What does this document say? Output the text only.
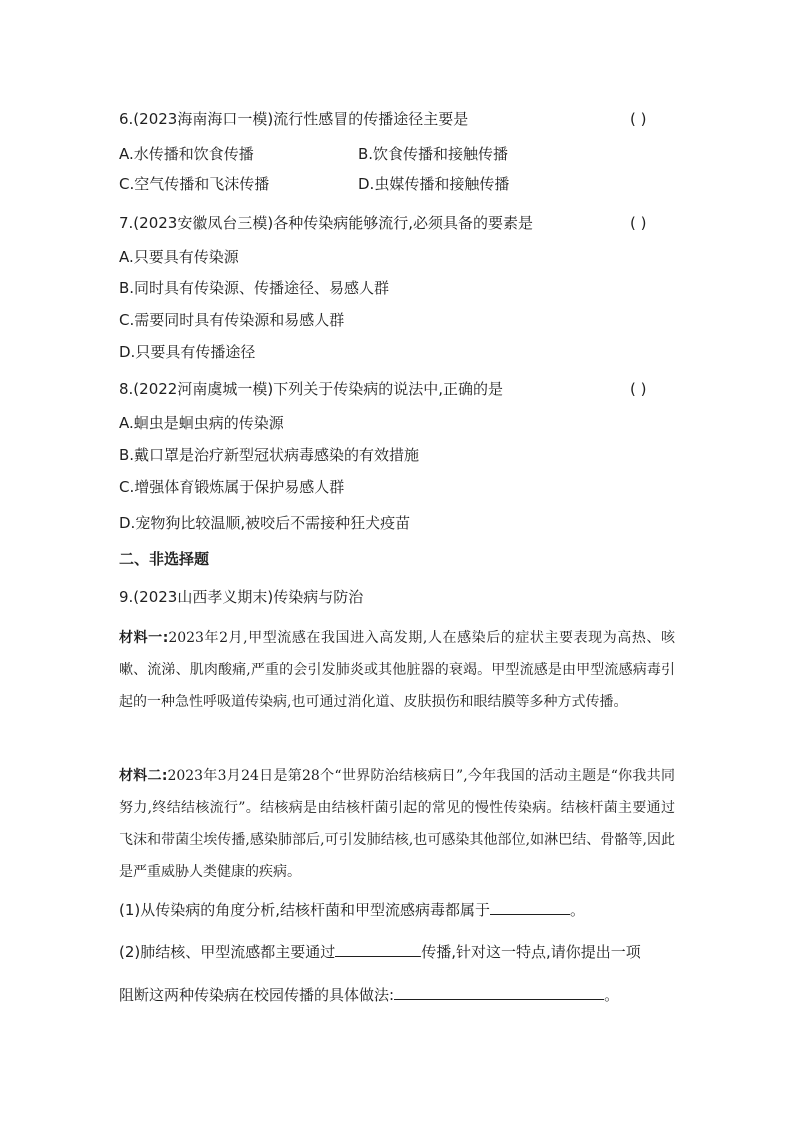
6.(2023海南海口一模)流行性感冒的传播途径主要是	( )
A.水传播和饮食传播	B.饮食传播和接触传播
C.空气传播和飞沫传播	D.虫媒传播和接触传播
7.(2023安徽凤台三模)各种传染病能够流行,必须具备的要素是	( )
A.只要具有传染源
B.同时具有传染源、传播途径、易感人群
C.需要同时具有传染源和易感人群
D.只要具有传播途径
8.(2022河南虞城一模)下列关于传染病的说法中,正确的是	( )
A.蛔虫是蛔虫病的传染源
B.戴口罩是治疗新型冠状病毒感染的有效措施
C.增强体育锻炼属于保护易感人群
D.宠物狗比较温顺,被咬后不需接种狂犬疫苗
二、非选择题
9.(2023山西孝义期末)传染病与防治
材料一:2023年2月,甲型流感在我国进入高发期,人在感染后的症状主要表现为高热、咳嗽、流涕、肌肉酸痛,严重的会引发肺炎或其他脏器的衰竭。甲型流感是由甲型流感病毒引起的一种急性呼吸道传染病,也可通过消化道、皮肤损伤和眼结膜等多种方式传播。
材料二:2023年3月24日是第28个“世界防治结核病日”,今年我国的活动主题是“你我共同努力,终结结核流行”。结核病是由结核杆菌引起的常见的慢性传染病。结核杆菌主要通过飞沫和带菌尘埃传播,感染肺部后,可引发肺结核,也可感染其他部位,如淋巴结、骨骼等,因此是严重威胁人类健康的疾病。
(1)从传染病的角度分析,结核杆菌和甲型流感病毒都属于	。
(2)肺结核、甲型流感都主要通过	传播,针对这一特点,请你提出一项
阻断这两种传染病在校园传播的具体做法:	。
